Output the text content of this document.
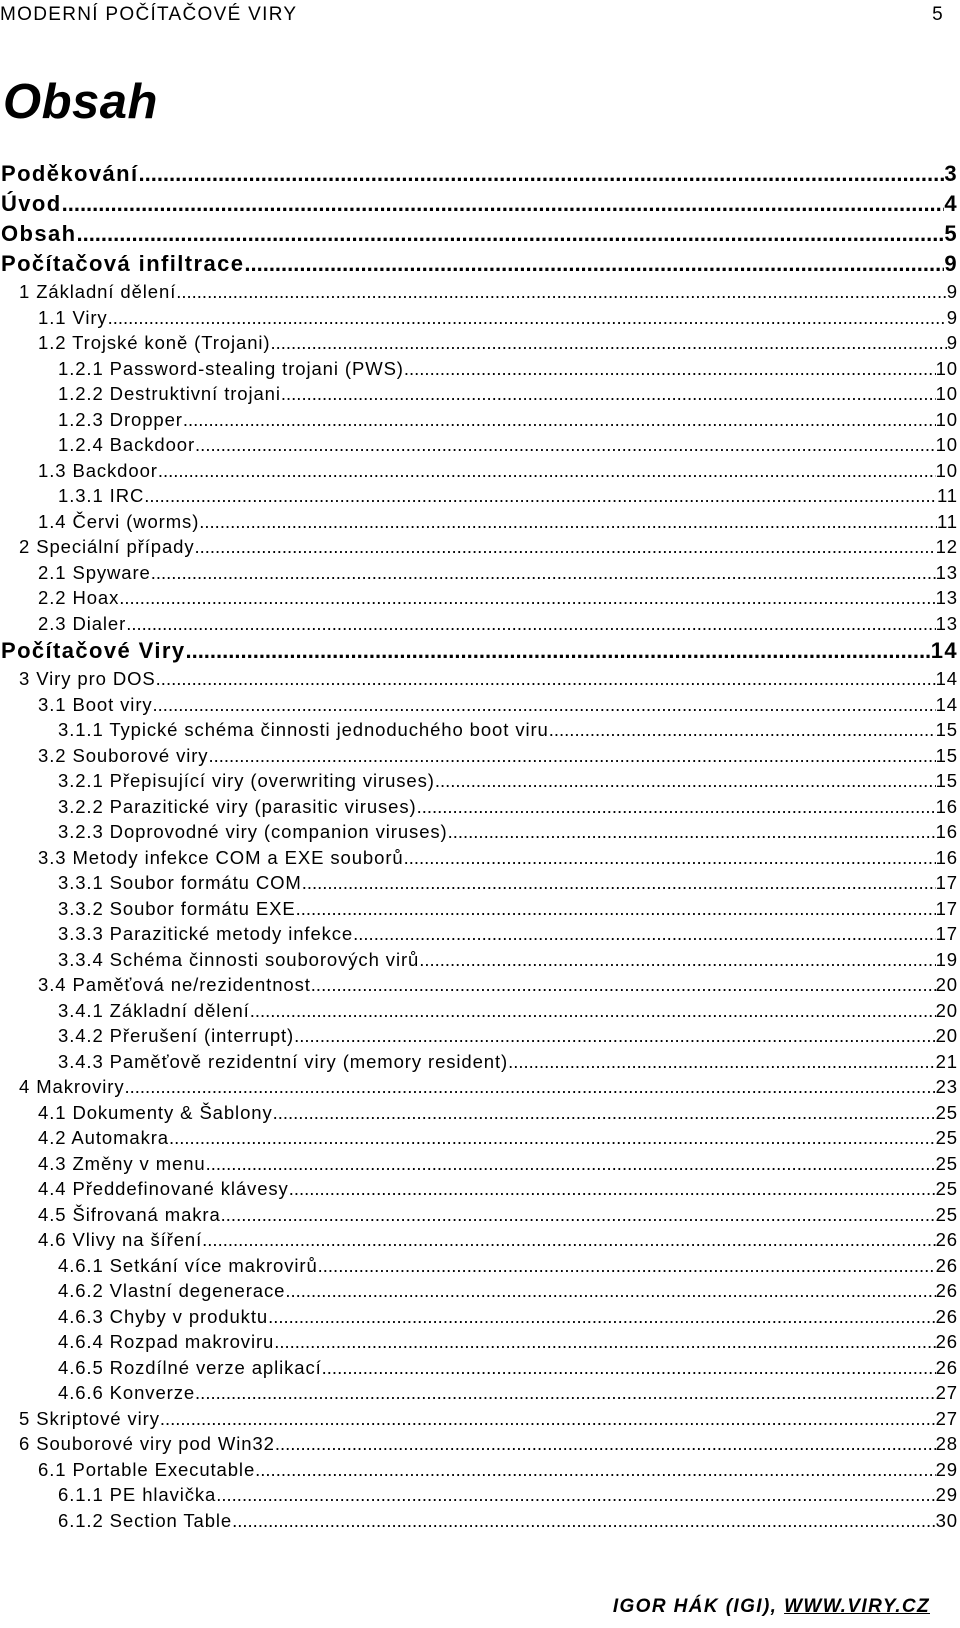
MODERNÍ POČÍTAČOVÉ VIRY	5
Obsah
Poděkování .....	3
Úvod .....	4
Obsah .....	5
Počítačová infiltrace .....	9
1 Základní dělení .....	9
1.1 Viry .....	9
1.2 Trojské koně (Trojani) .....	9
1.2.1 Password-stealing trojani (PWS) .....	10
1.2.2 Destruktivní trojani .....	10
1.2.3 Dropper .....	10
1.2.4 Backdoor .....	10
1.3 Backdoor .....	10
1.3.1 IRC .....	11
1.4 Červi (worms) .....	11
2 Speciální případy .....	12
2.1 Spyware .....	13
2.2 Hoax .....	13
2.3 Dialer .....	13
Počítačové Viry .....	14
3 Viry pro DOS .....	14
3.1 Boot viry .....	14
3.1.1 Typické schéma činnosti jednoduchého boot viru .....	15
3.2 Souborové viry .....	15
3.2.1 Přepisující viry (overwriting viruses) .....	15
3.2.2 Parazitické viry (parasitic viruses) .....	16
3.2.3 Doprovodné viry (companion viruses) .....	16
3.3 Metody infekce COM a EXE souborů .....	16
3.3.1 Soubor formátu COM .....	17
3.3.2 Soubor formátu EXE .....	17
3.3.3 Parazitické metody infekce .....	17
3.3.4 Schéma činnosti souborových virů .....	19
3.4 Paměťová ne/rezidentnost .....	20
3.4.1 Základní dělení .....	20
3.4.2 Přerušení (interrupt) .....	20
3.4.3 Paměťově rezidentní viry (memory resident) .....	21
4 Makroviry .....	23
4.1 Dokumenty & Šablony .....	25
4.2 Automakra .....	25
4.3 Změny v menu .....	25
4.4 Předdefinované klávesy .....	25
4.5 Šifrovaná makra .....	25
4.6 Vlivy na šíření .....	26
4.6.1 Setkání více makrovirů .....	26
4.6.2 Vlastní degenerace .....	26
4.6.3 Chyby v produktu .....	26
4.6.4 Rozpad makroviru .....	26
4.6.5 Rozdílné verze aplikací .....	26
4.6.6 Konverze .....	27
5 Skriptové viry .....	27
6 Souborové viry pod Win32 .....	28
6.1 Portable Executable .....	29
6.1.1 PE hlavička .....	29
6.1.2 Section Table .....	30
IGOR HÁK (IGI), WWW.VIRY.CZ
